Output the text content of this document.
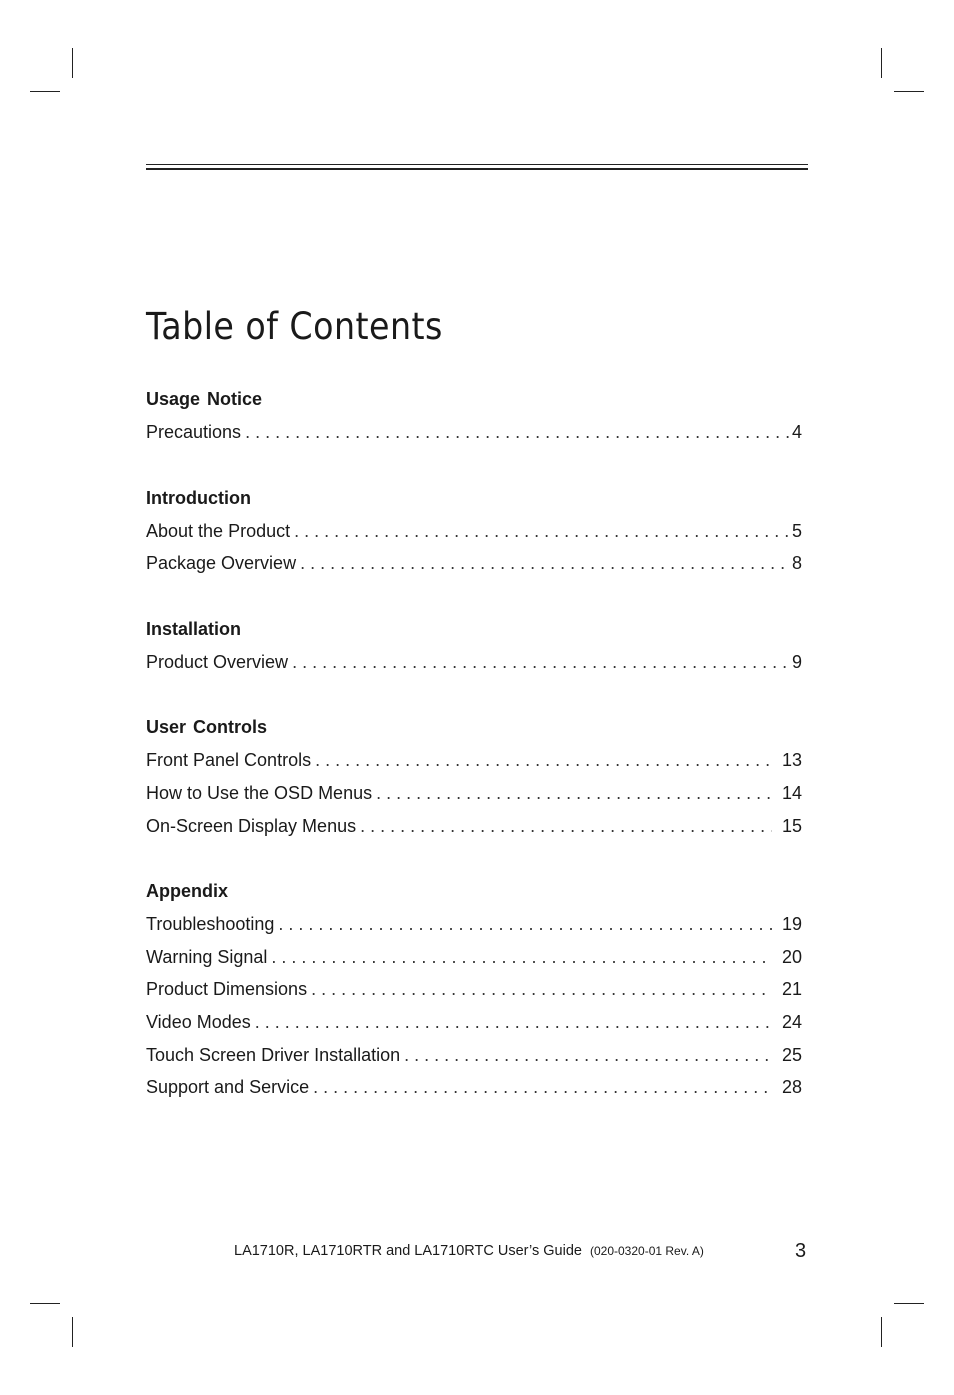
Table of Contents
Usage Notice
Precautions . . .	4
Introduction
About the Product . . .	5
Package Overview . . .	8
Installation
Product Overview . . .	9
User Controls
Front Panel Controls . . .	13
How to Use the OSD Menus . . .	14
On-Screen Display Menus . . .	15
Appendix
Troubleshooting . . .	19
Warning Signal . . .	20
Product Dimensions . . .	21
Video Modes . . .	24
Touch Screen Driver Installation . . .	25
Support and Service . . .	28
LA1710R, LA1710RTR and LA1710RTC User’s Guide (020-0320-01 Rev. A)	3
